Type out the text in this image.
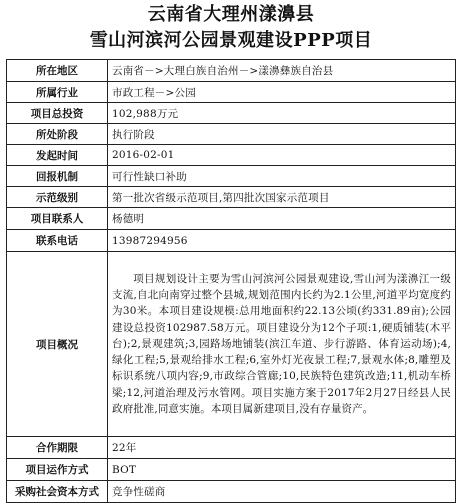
云南省大理州漾濞县
雪山河滨河公园景观建设PPP项目
所在地区	云南省－>大理白族自治州－>漾濞彝族自治县
所属行业	市政工程－>公园
项目总投资	102,988万元
所处阶段	执行阶段
发起时间	2016-02-01
回报机制	可行性缺口补助
示范级别	第一批次省级示范项目,第四批次国家示范项目
项目联系人	杨德明
联系电话	13987294956
项目概况	项目规划设计主要为雪山河滨河公园景观建设,雪山河为漾濞江一级支流,自北向南穿过整个县城,规划范围内长约为2.1公里,河道平均宽度约为30米。本项目建设规模:总用地面积约22.13公顷(约331.89亩);公园建设总投资102987.58万元。项目建设分为12个子项:1,硬质铺装(木平台);2,景观建筑;3,园路场地铺装(滨江车道、步行游路、体育运动场);4,绿化工程;5,景观给排水工程;6,室外灯光夜景工程;7,景观水体;8,雕塑及标识系统八项内容;9,市政综合管廊;10,民族特色建筑改造;11,机动车桥梁;12,河道治理及污水管网。项目实施方案于2017年2月27日经县人民政府批准,同意实施。本项目属新建项目,没有存量资产。
合作期限	22年
项目运作方式	BOT
采购社会资本方式	竞争性磋商
